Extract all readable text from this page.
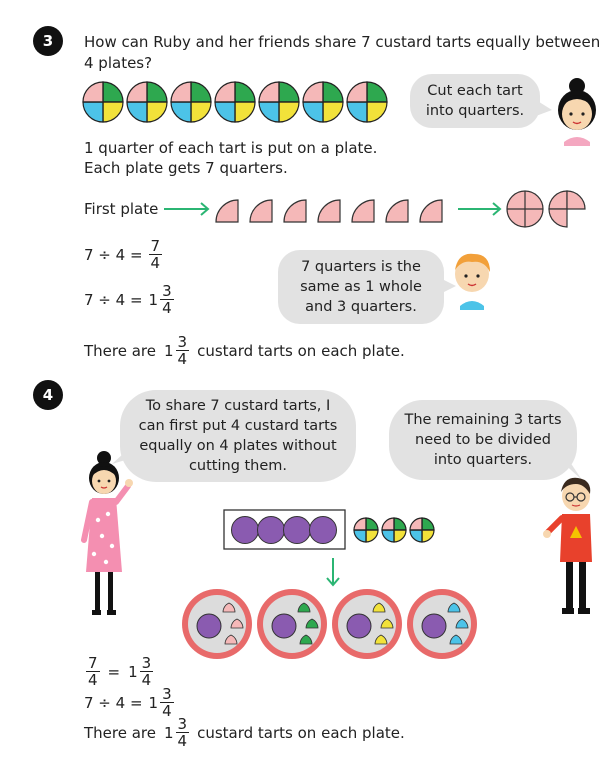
3	How can Ruby and her friends share 7 custard tarts equally between
4 plates?
Cut each tart into quarters.
1 quarter of each tart is put on a plate.
Each plate gets 7 quarters.
First plate
$7 \div 4 = \frac{7}{4}$
$7 \div 4 = 1 \frac{3}{4}$
7 quarters is the same as 1 whole and 3 quarters.
There are $1 \frac{3}{4}$ custard tarts on each plate.
4
To share 7 custard tarts, I can first put 4 custard tarts equally on 4 plates without cutting them.
The remaining 3 tarts need to be divided into quarters.
$\frac{7}{4} = 1 \frac{3}{4}$
$7 \div 4 = 1 \frac{3}{4}$
There are $1 \frac{3}{4}$ custard tarts on each plate.
